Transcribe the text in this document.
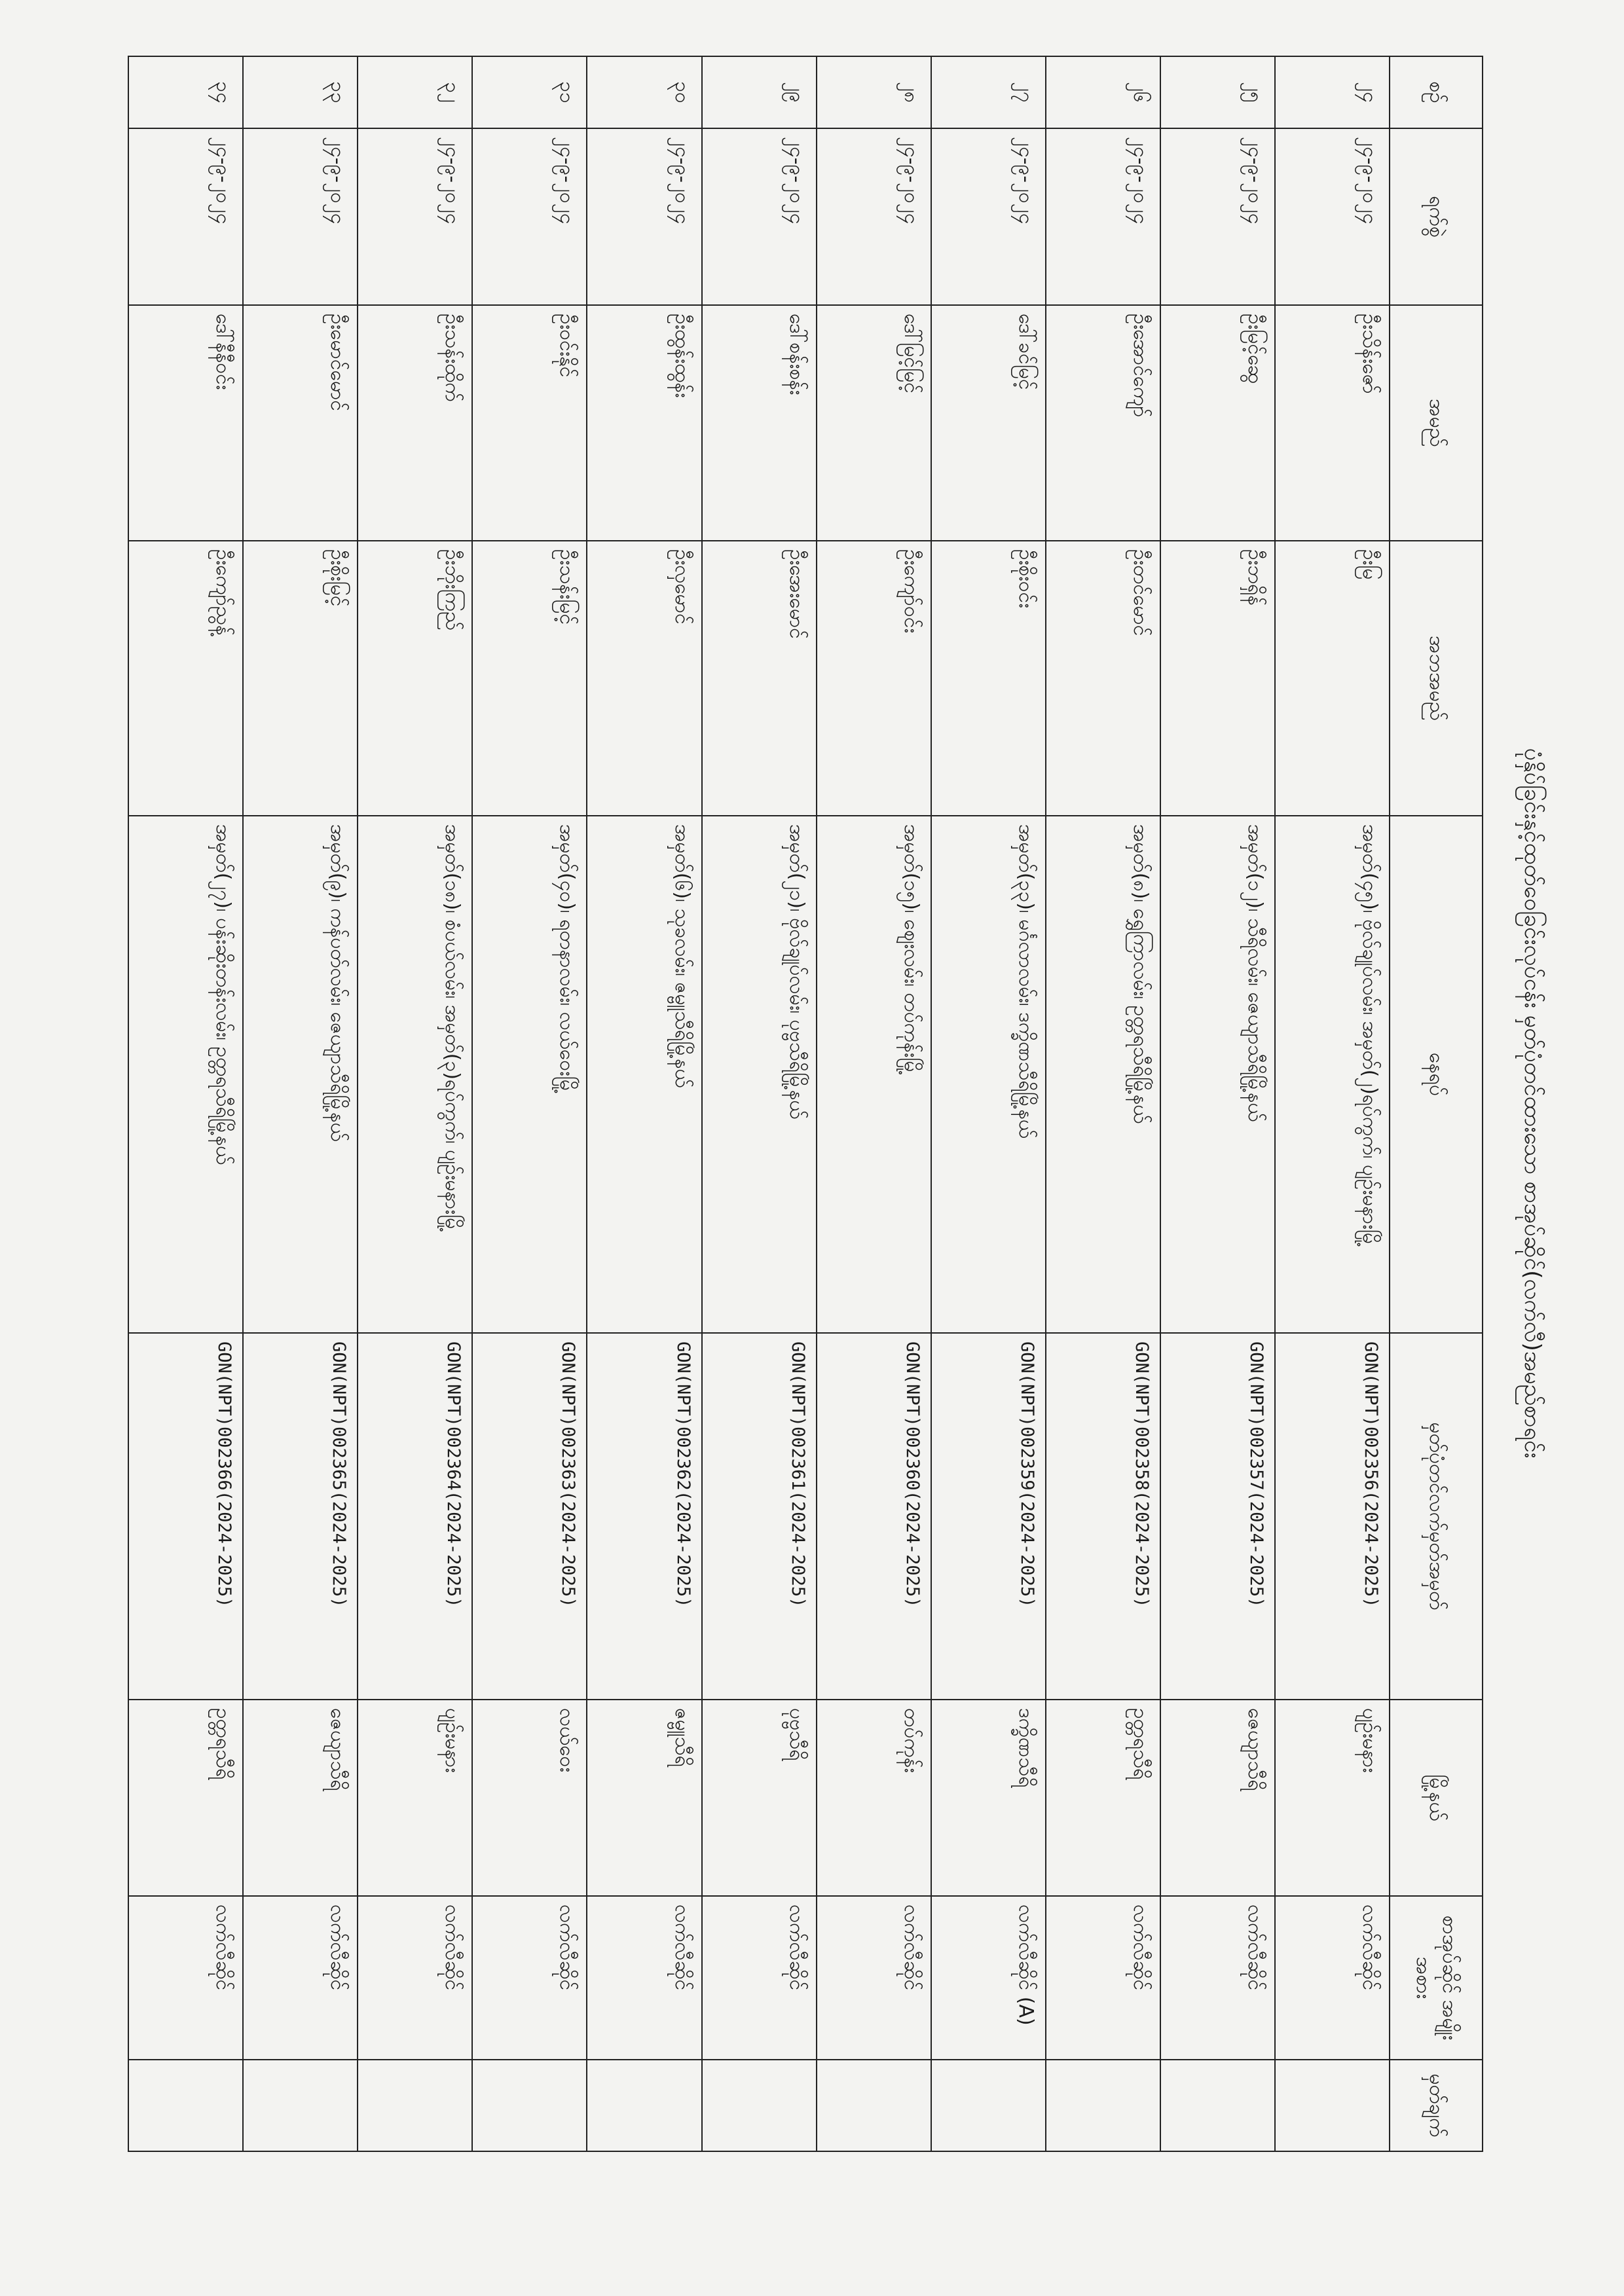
ပုံနှိပ်ခြင်းနှင့်ထုတ်ဝေခြင်းလုပ်ငန်း မှတ်ပုံတင်ထားသော စာအုပ်ဆိုင်(လက်လီ)အမည်စာရင်း
စဉ်	ရက်စွဲ	အမည်	အဘအမည်	နေရပ်	မှတ်ပုံတင်လက်မှတ်အမှတ်	မြို့နယ်	စာအုပ်ဆိုင် အမျိုးအစား	မှတ်ချက်
၂၄	၂၄-၉-၂၀၂၄	ဦးသိန်းဇော်	ဦးမြ	အမှတ်(၄၅)၊ ဗိုလ်ချုပ်လမ်း၊ အမှတ်(၂)ရပ်ကွက်၊ ပျဉ်းမနားမြို့	GON(NPT)002356(2024-2025)	ပျဉ်းမနား	လက်လီဆိုင်	
၂၅	၂၄-၉-၂၀၂၄	ဦးမြင့်ဆွေ	ဦးဘရှိန်	အမှတ်(၁၂)၊ သီရိလမ်း၊ ဇေယျာသီရိမြို့နယ်	GON(NPT)002357(2024-2025)	ဇေယျာသီရိ	လက်လီဆိုင်	
၂၆	၂၄-၉-၂၀၂၄	ဦးအောင်ကျော်	ဦးတင်မောင်	အမှတ်(၈)၊ ရွှေကြာလမ်း၊ ဥတ္တရသီရိမြို့နယ်	GON(NPT)002358(2024-2025)	ဥတ္တရသီရိ	လက်လီဆိုင်	
၂၇	၂၄-၉-၂၀၂၄	ဒေါ်ခင်မြင့်	ဦးစိုးဝင်း	အမှတ်(၃၃)၊ မင်္ဂလာလမ်း၊ ဒက္ခိဏသီရိမြို့နယ်	GON(NPT)002359(2024-2025)	ဒက္ခိဏသီရိ	လက်လီဆိုင် (A)	
၂၈	၂၄-၉-၂၀၂၄	ဒေါ်မြင့်မြင့်	ဦးကျော်ဝင်း	အမှတ်(၁၅)၊ ဈေးလမ်း၊ တပ်ကုန်းမြို့	GON(NPT)002360(2024-2025)	တပ်ကုန်း	လက်လီဆိုင်	
၂၉	၂၄-၉-၂၀၂၄	ဒေါ်စန်းစန်း	ဦးအေးမောင်	အမှတ်(၂၁)၊ ဗိုလ်ချုပ်လမ်း၊ ပုဗ္ဗသီရိမြို့နယ်	GON(NPT)002361(2024-2025)	ပုဗ္ဗသီရိ	လက်လီဆိုင်	
၃၀	၂၄-၉-၂၀၂၄	ဦးထွန်းထွန်း	ဦးလှမောင်	အမှတ်(၆)၊ သုခလမ်း၊ ဇမ္ဗူသီရိမြို့နယ်	GON(NPT)002362(2024-2025)	ဇမ္ဗူသီရိ	လက်လီဆိုင်	
၃၁	၂၄-၉-၂၀၂၄	ဦးဝင်းနိုင်	ဦးသန်းမြင့်	အမှတ်(၄၀)၊ ရတနာလမ်း၊ လယ်ဝေးမြို့	GON(NPT)002363(2024-2025)	လယ်ဝေး	လက်လီဆိုင်	
၃၂	၂၄-၉-၂၀၂၄	ဦးသန်းထိုက်	ဦးဘိုးကြည်	အမှတ်(၁၈)၊ စံပယ်လမ်း၊ အမှတ်(၃)ရပ်ကွက်၊ ပျဉ်းမနားမြို့	GON(NPT)002364(2024-2025)	ပျဉ်းမနား	လက်လီဆိုင်	
၃၃	၂၄-၉-၂၀၂၄	ဦးမောင်မောင်	ဦးစိုးမြင့်	အမှတ်(၉)၊ ကန်ပတ်လမ်း၊ ဇေယျာသီရိမြို့နယ်	GON(NPT)002365(2024-2025)	ဇေယျာသီရိ	လက်လီဆိုင်	
၃၄	၂၄-၉-၂၀၂၄	ဒေါ်နီနီဝင်း	ဦးကျော်ညွန့်	အမှတ်(၂၇)၊ ပန်းဆိုးတန်းလမ်း၊ ဥတ္တရသီရိမြို့နယ်	GON(NPT)002366(2024-2025)	ဥတ္တရသီရိ	လက်လီဆိုင်	
